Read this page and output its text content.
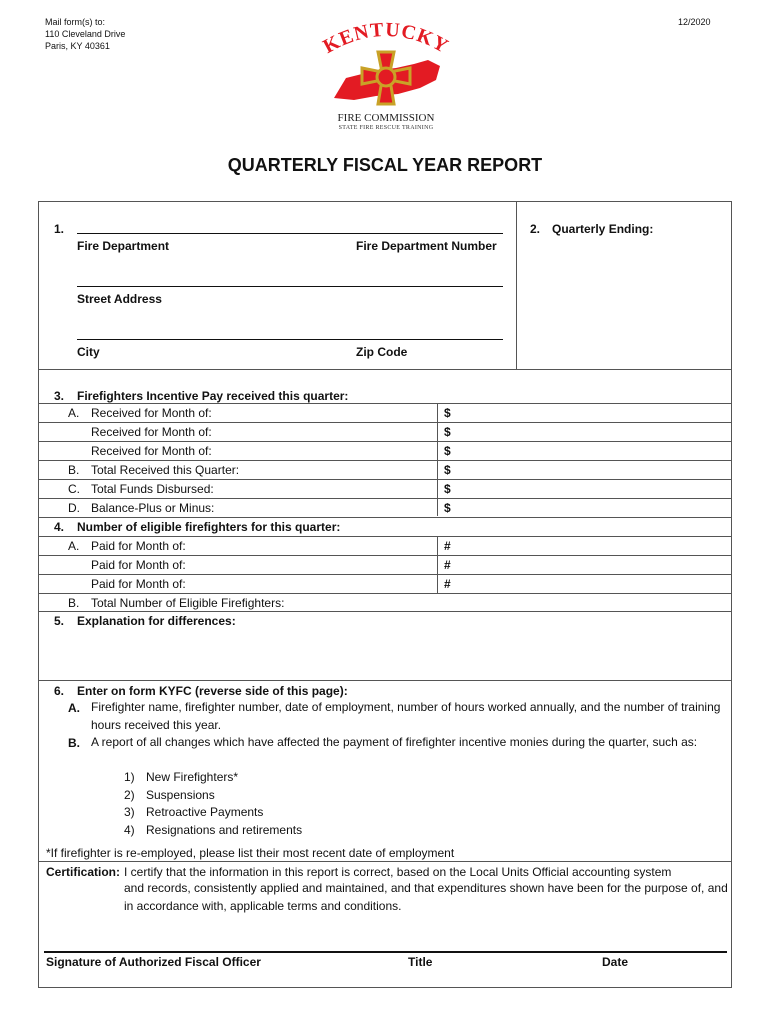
Mail form(s) to:
110 Cleveland Drive
Paris, KY 40361
12/2020
KENTUCKY
FIRE COMMISSION
STATE FIRE RESCUE TRAINING
QUARTERLY FISCAL YEAR REPORT
1.
Fire Department	Fire Department Number
Street Address
City	Zip Code
2. Quarterly Ending:
3. Firefighters Incentive Pay received this quarter:
A. Received for Month of:	$
Received for Month of:	$
Received for Month of:	$
B. Total Received this Quarter:	$
C. Total Funds Disbursed:	$
D. Balance-Plus or Minus:	$
4. Number of eligible firefighters for this quarter:
A. Paid for Month of:	#
Paid for Month of:	#
Paid for Month of:	#
B. Total Number of Eligible Firefighters:
5. Explanation for differences:
6. Enter on form KYFC (reverse side of this page):
A. Firefighter name, firefighter number, date of employment, number of hours worked annually, and the number of training hours received this year.
B. A report of all changes which have affected the payment of firefighter incentive monies during the quarter, such as:
1) New Firefighters*
2) Suspensions
3) Retroactive Payments
4) Resignations and retirements
*If firefighter is re-employed, please list their most recent date of employment
Certification: I certify that the information in this report is correct, based on the Local Units Official accounting system
and records, consistently applied and maintained, and that expenditures shown have been for the purpose of, and in accordance with, applicable terms and conditions.
Signature of Authorized Fiscal Officer	Title	Date
